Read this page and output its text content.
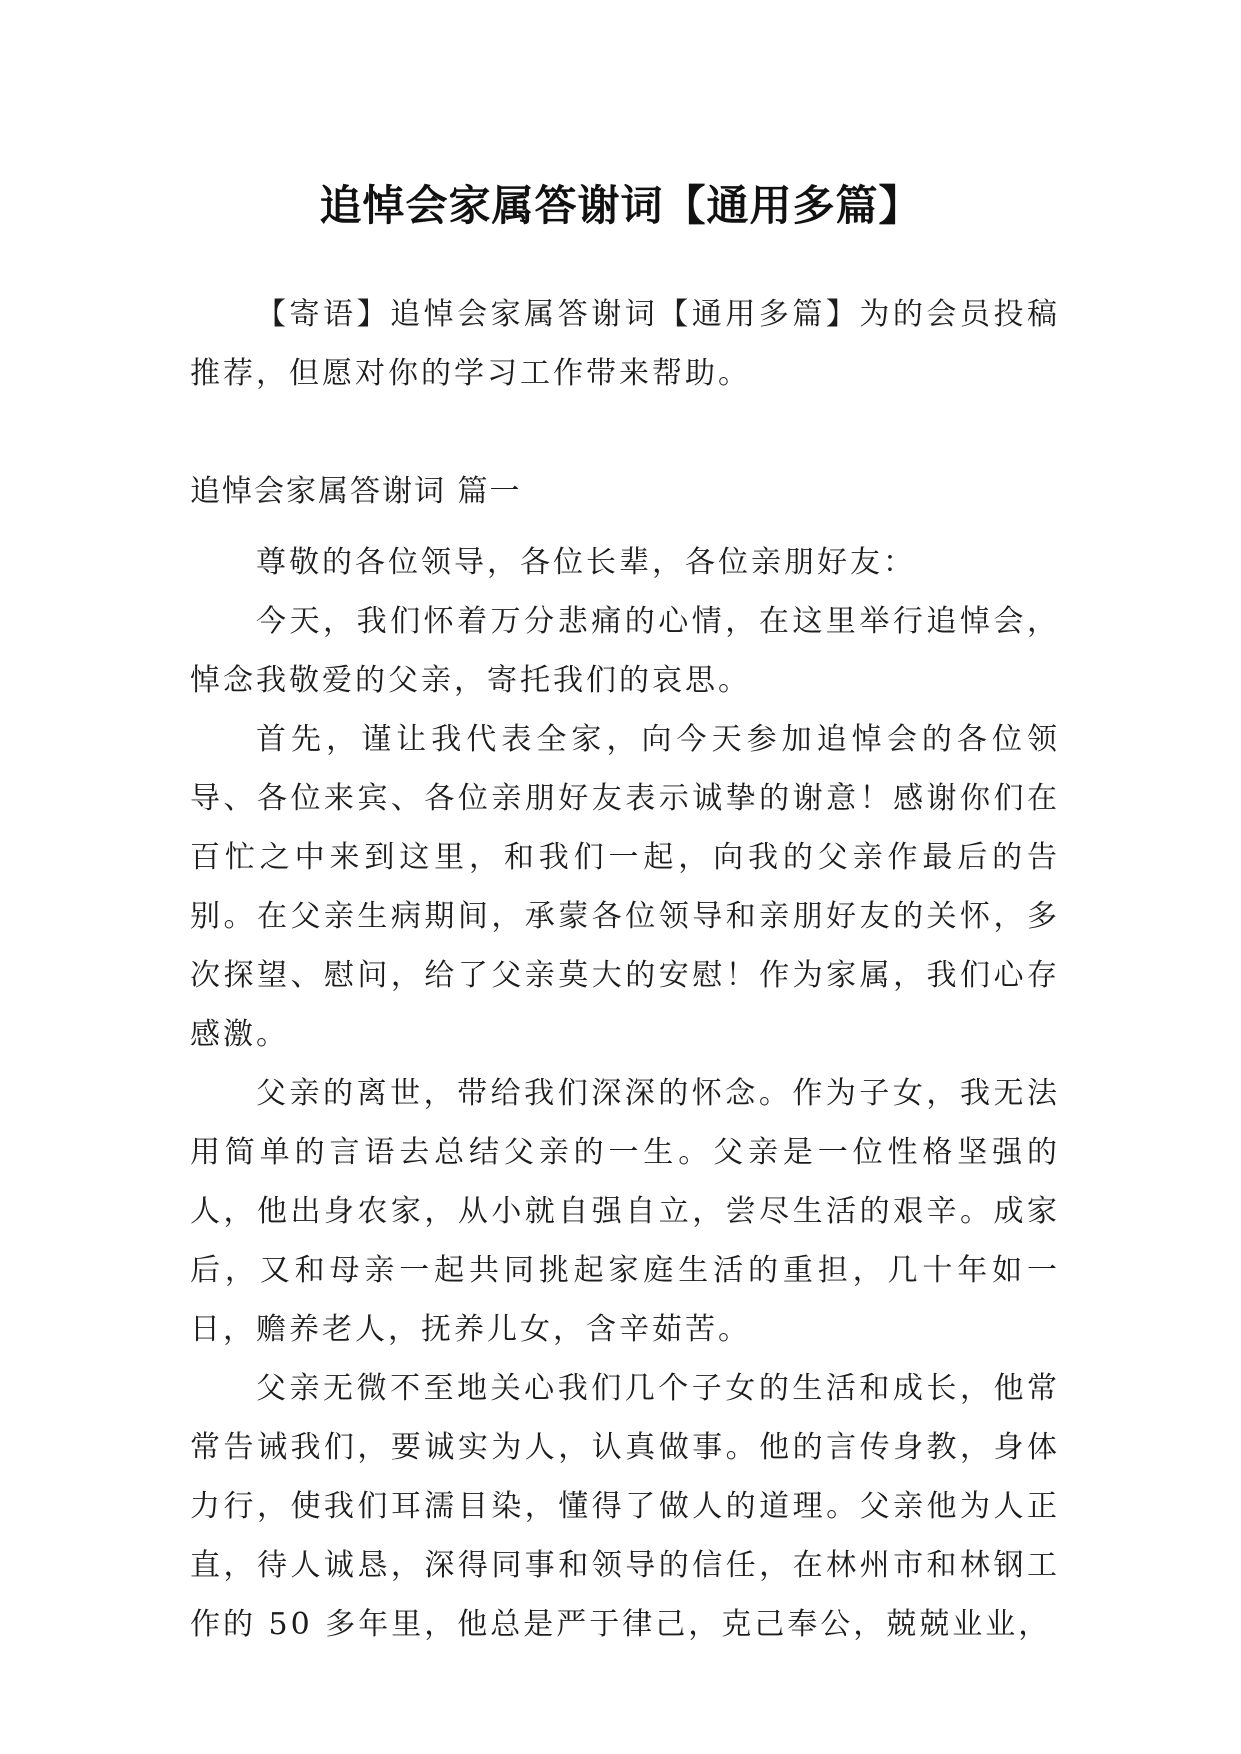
追悼会家属答谢词【通用多篇】

【寄语】追悼会家属答谢词【通用多篇】为的会员投稿推荐，但愿对你的学习工作带来帮助。

追悼会家属答谢词 篇一

尊敬的各位领导，各位长辈，各位亲朋好友：

今天，我们怀着万分悲痛的心情，在这里举行追悼会，悼念我敬爱的父亲，寄托我们的哀思。

首先，谨让我代表全家，向今天参加追悼会的各位领导、各位来宾、各位亲朋好友表示诚挚的谢意！感谢你们在百忙之中来到这里，和我们一起，向我的父亲作最后的告别。在父亲生病期间，承蒙各位领导和亲朋好友的关怀，多次探望、慰问，给了父亲莫大的安慰！作为家属，我们心存感激。

父亲的离世，带给我们深深的怀念。作为子女，我无法用简单的言语去总结父亲的一生。父亲是一位性格坚强的人，他出身农家，从小就自强自立，尝尽生活的艰辛。成家后，又和母亲一起共同挑起家庭生活的重担，几十年如一日，赡养老人，抚养儿女，含辛茹苦。

父亲无微不至地关心我们几个子女的生活和成长，他常常告诫我们，要诚实为人，认真做事。他的言传身教，身体力行，使我们耳濡目染，懂得了做人的道理。父亲他为人正直，待人诚恳，深得同事和领导的信任，在林州市和林钢工作的 50 多年里，他总是严于律己，克己奉公，兢兢业业，
